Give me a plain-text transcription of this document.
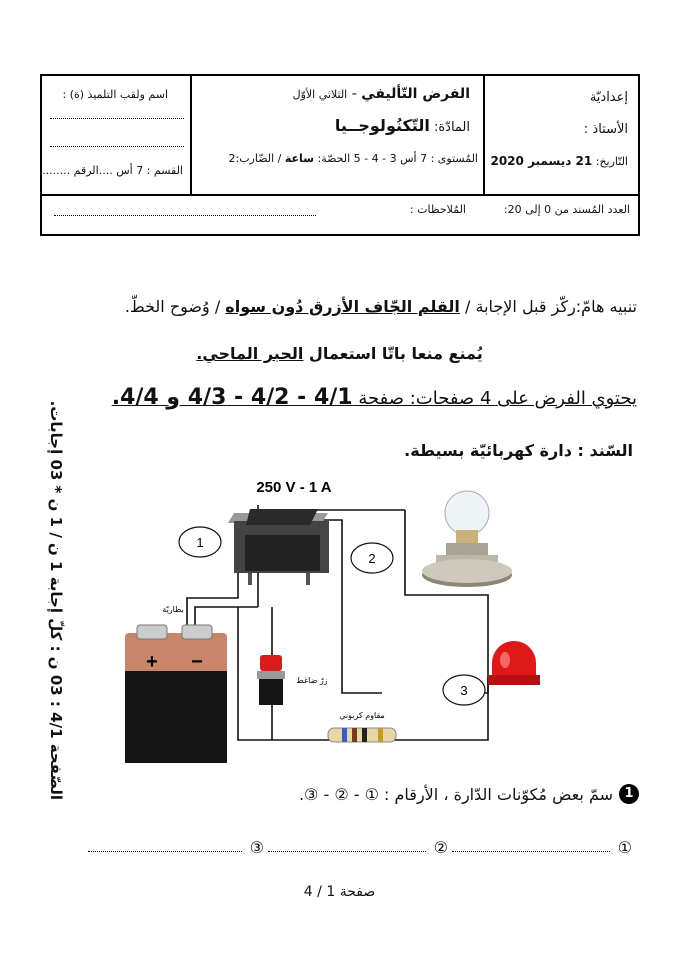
اسم ولقب التلميذ (ة) :
القسم : 7 أس ....الرقم ........
الفرض التّأليفي - الثلاثي الأوّل
المادّة: التّكنُولوجــيا
المُستوى : 7 أس 3 - 4 - 5 الحصّة: ساعة / الضّارب:2
إعداديّة
الأستاذ :
التّاريخ: 21 ديسمبر 2020
العدد المُسند من 0 إلى 20:
المُلاحظات :
تنبيه هامّ:ركّز قبل الإجابة / القلم الجّاف الأزرق دُون سواه / وُضوح الخطّ.
يُمنع منعا باتّا استعمال الحبر الماحي.
يحتوي الفرض على 4 صفحات: صفحة 4/1 - 4/2 - 4/3 و 4/4.
السّند : دارة كهربائيّة بسيطة.
الصّفحة 4/1 : 03 ن : كلّ إجابة 1 ن / 1 ن * 03 إجابات.
250 V - 1 A
1
2
3
+ −
بطاريّة
زرّ ضاغط
مقاوم كربوني
1
سمّ بعض مُكوّنات الدّارة ، الأرقام : ① - ② - ③.
①
②
③
صفحة 1 / 4
